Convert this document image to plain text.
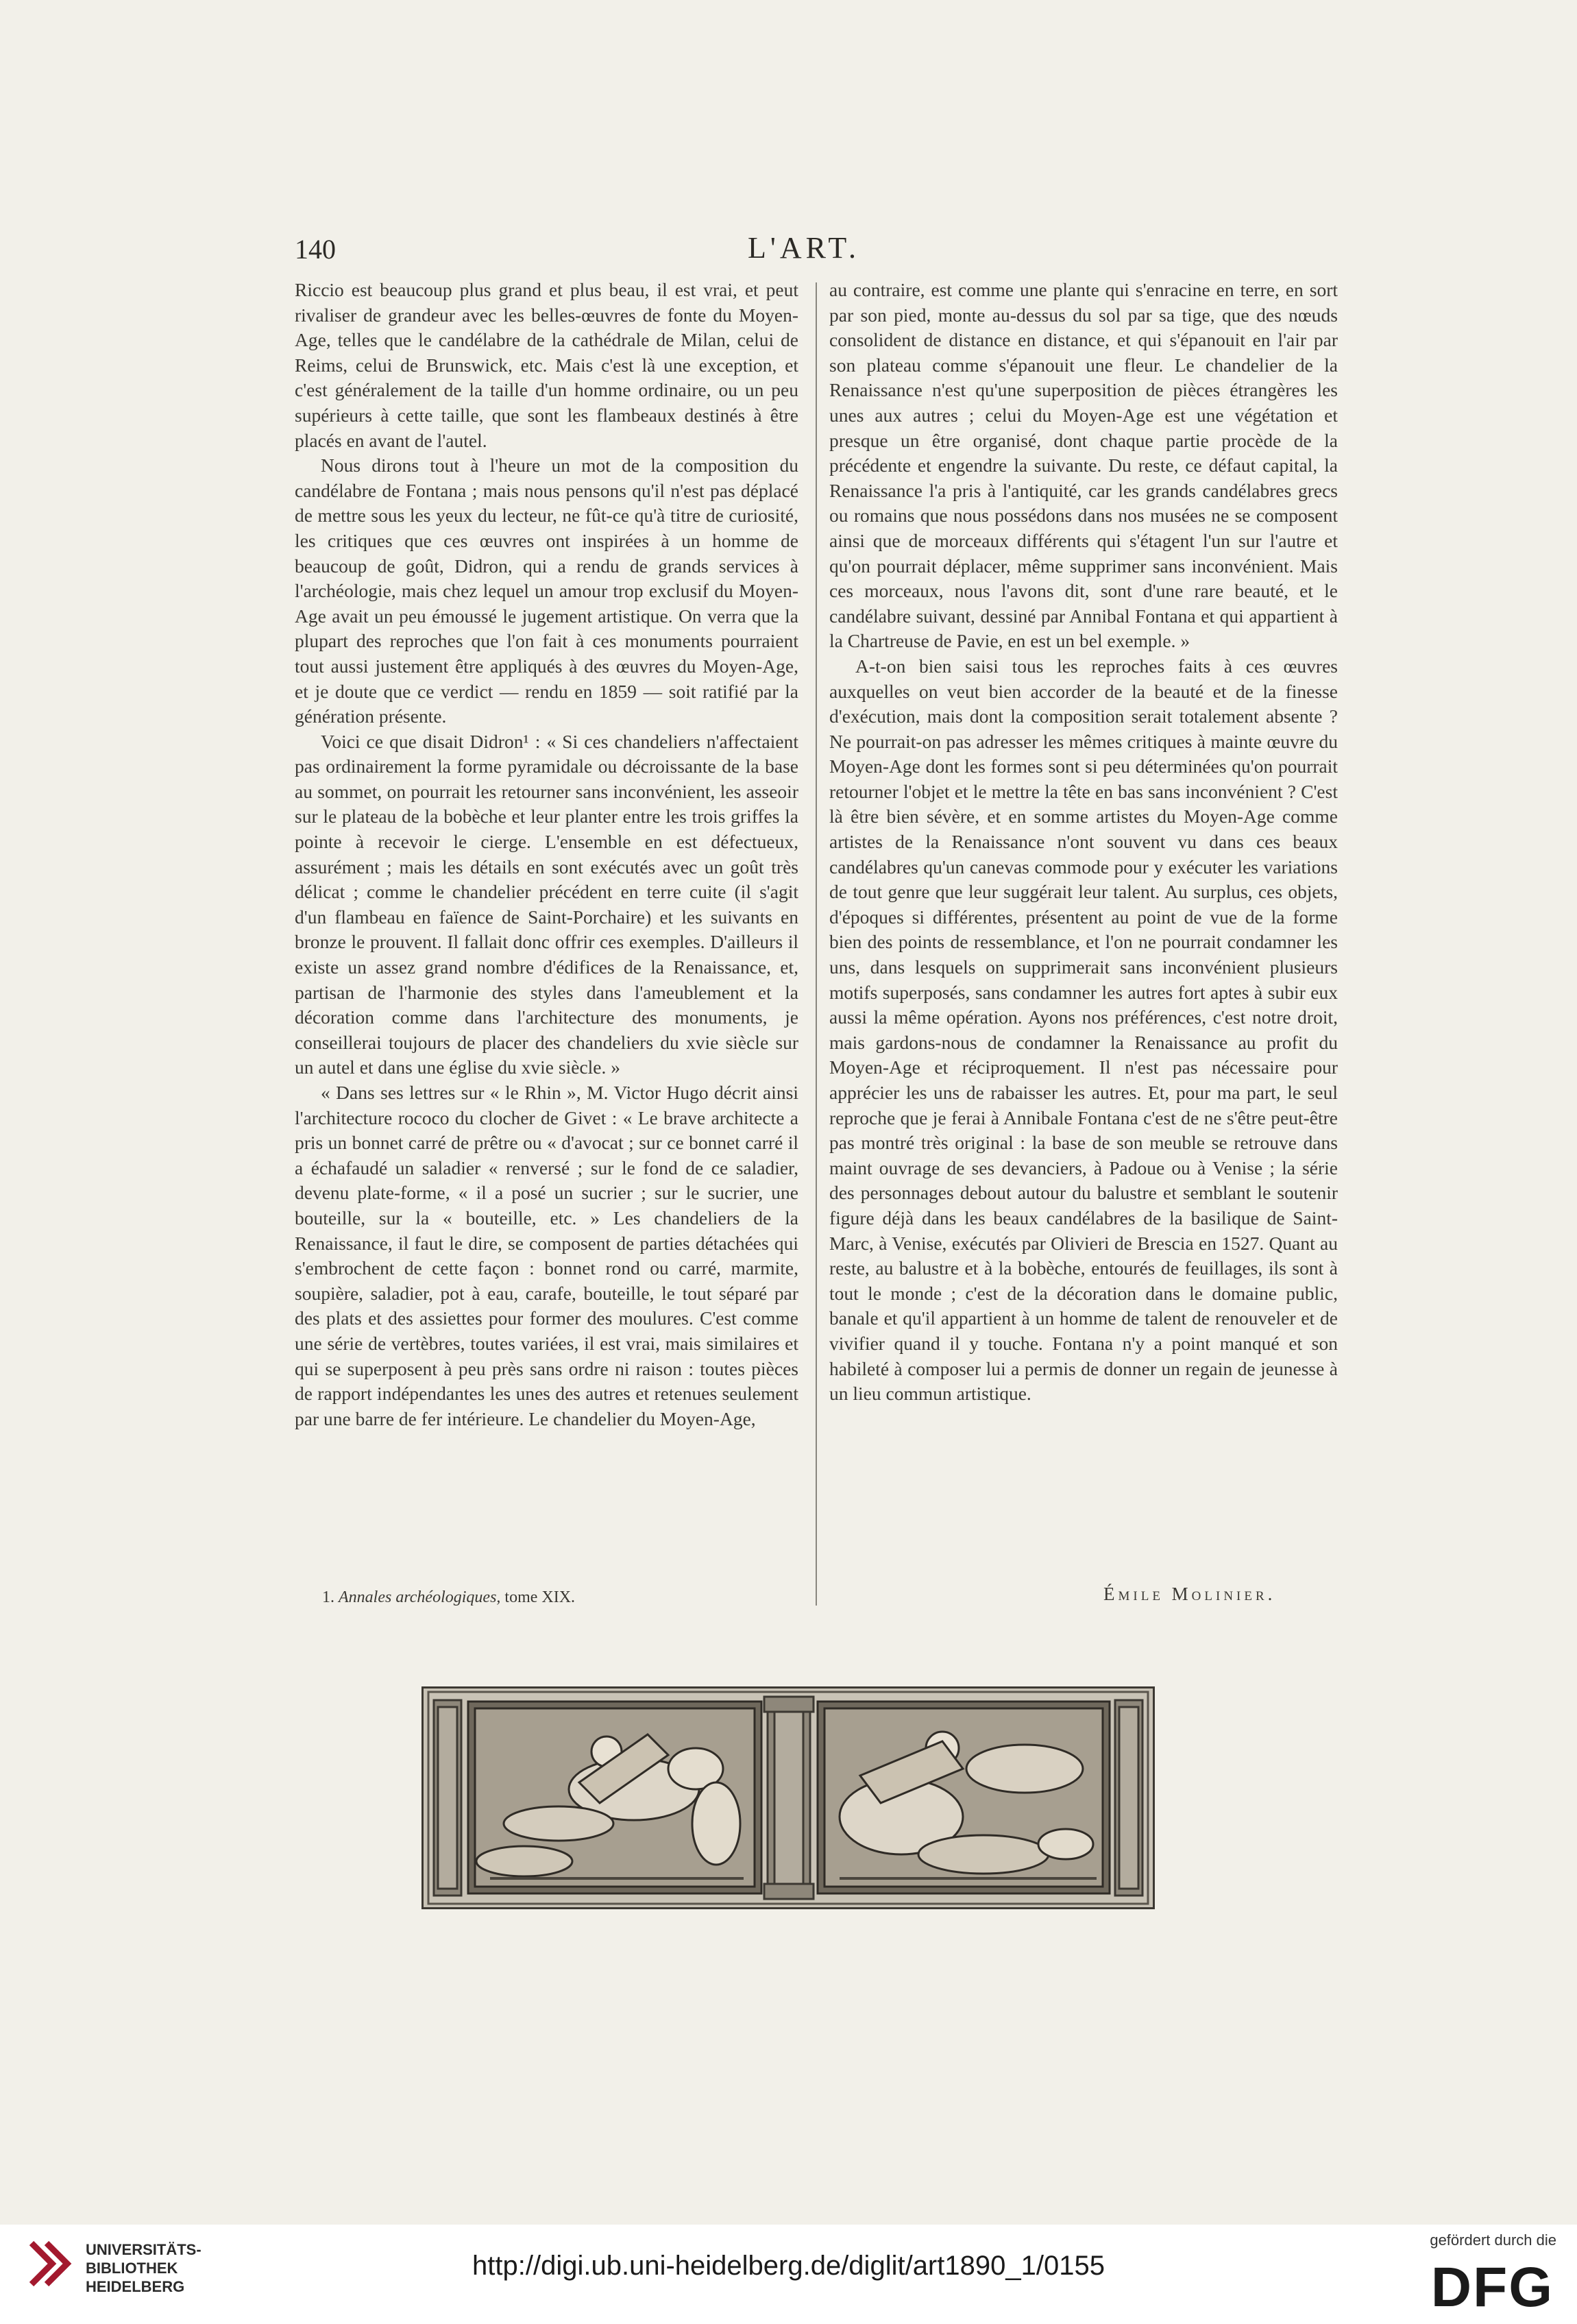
140	L'ART.

Riccio est beaucoup plus grand et plus beau, il est vrai, et peut rivaliser de grandeur avec les belles-œuvres de fonte du Moyen-Age, telles que le candélabre de la cathédrale de Milan, celui de Reims, celui de Brunswick, etc. Mais c'est là une exception, et c'est généralement de la taille d'un homme ordinaire, ou un peu supérieurs à cette taille, que sont les flambeaux destinés à être placés en avant de l'autel.

Nous dirons tout à l'heure un mot de la composition du candélabre de Fontana ; mais nous pensons qu'il n'est pas déplacé de mettre sous les yeux du lecteur, ne fût-ce qu'à titre de curiosité, les critiques que ces œuvres ont inspirées à un homme de beaucoup de goût, Didron, qui a rendu de grands services à l'archéologie, mais chez lequel un amour trop exclusif du Moyen-Age avait un peu émoussé le jugement artistique. On verra que la plupart des reproches que l'on fait à ces monuments pourraient tout aussi justement être appliqués à des œuvres du Moyen-Age, et je doute que ce verdict — rendu en 1859 — soit ratifié par la génération présente.

Voici ce que disait Didron¹ : « Si ces chandeliers n'affectaient pas ordinairement la forme pyramidale ou décroissante de la base au sommet, on pourrait les retourner sans inconvénient, les asseoir sur le plateau de la bobèche et leur planter entre les trois griffes la pointe à recevoir le cierge. L'ensemble en est défectueux, assurément ; mais les détails en sont exécutés avec un goût très délicat ; comme le chandelier précédent en terre cuite (il s'agit d'un flambeau en faïence de Saint-Porchaire) et les suivants en bronze le prouvent. Il fallait donc offrir ces exemples. D'ailleurs il existe un assez grand nombre d'édifices de la Renaissance, et, partisan de l'harmonie des styles dans l'ameublement et la décoration comme dans l'architecture des monuments, je conseillerai toujours de placer des chandeliers du xvie siècle sur un autel et dans une église du xvie siècle. »

« Dans ses lettres sur « le Rhin », M. Victor Hugo décrit ainsi l'architecture rococo du clocher de Givet : « Le brave architecte a pris un bonnet carré de prêtre ou « d'avocat ; sur ce bonnet carré il a échafaudé un saladier « renversé ; sur le fond de ce saladier, devenu plate-forme, « il a posé un sucrier ; sur le sucrier, une bouteille, sur la « bouteille, etc. » Les chandeliers de la Renaissance, il faut le dire, se composent de parties détachées qui s'embrochent de cette façon : bonnet rond ou carré, marmite, soupière, saladier, pot à eau, carafe, bouteille, le tout séparé par des plats et des assiettes pour former des moulures. C'est comme une série de vertèbres, toutes variées, il est vrai, mais similaires et qui se superposent à peu près sans ordre ni raison : toutes pièces de rapport indépendantes les unes des autres et retenues seulement par une barre de fer intérieure. Le chandelier du Moyen-Age,

au contraire, est comme une plante qui s'enracine en terre, en sort par son pied, monte au-dessus du sol par sa tige, que des nœuds consolident de distance en distance, et qui s'épanouit en l'air par son plateau comme s'épanouit une fleur. Le chandelier de la Renaissance n'est qu'une superposition de pièces étrangères les unes aux autres ; celui du Moyen-Age est une végétation et presque un être organisé, dont chaque partie procède de la précédente et engendre la suivante. Du reste, ce défaut capital, la Renaissance l'a pris à l'antiquité, car les grands candélabres grecs ou romains que nous possédons dans nos musées ne se composent ainsi que de morceaux différents qui s'étagent l'un sur l'autre et qu'on pourrait déplacer, même supprimer sans inconvénient. Mais ces morceaux, nous l'avons dit, sont d'une rare beauté, et le candélabre suivant, dessiné par Annibal Fontana et qui appartient à la Chartreuse de Pavie, en est un bel exemple. »

A-t-on bien saisi tous les reproches faits à ces œuvres auxquelles on veut bien accorder de la beauté et de la finesse d'exécution, mais dont la composition serait totalement absente ? Ne pourrait-on pas adresser les mêmes critiques à mainte œuvre du Moyen-Age dont les formes sont si peu déterminées qu'on pourrait retourner l'objet et le mettre la tête en bas sans inconvénient ? C'est là être bien sévère, et en somme artistes du Moyen-Age comme artistes de la Renaissance n'ont souvent vu dans ces beaux candélabres qu'un canevas commode pour y exécuter les variations de tout genre que leur suggérait leur talent. Au surplus, ces objets, d'époques si différentes, présentent au point de vue de la forme bien des points de ressemblance, et l'on ne pourrait condamner les uns, dans lesquels on supprimerait sans inconvénient plusieurs motifs superposés, sans condamner les autres fort aptes à subir eux aussi la même opération. Ayons nos préférences, c'est notre droit, mais gardons-nous de condamner la Renaissance au profit du Moyen-Age et réciproquement. Il n'est pas nécessaire pour apprécier les uns de rabaisser les autres. Et, pour ma part, le seul reproche que je ferai à Annibale Fontana c'est de ne s'être peut-être pas montré très original : la base de son meuble se retrouve dans maint ouvrage de ses devanciers, à Padoue ou à Venise ; la série des personnages debout autour du balustre et semblant le soutenir figure déjà dans les beaux candélabres de la basilique de Saint-Marc, à Venise, exécutés par Olivieri de Brescia en 1527. Quant au reste, au balustre et à la bobèche, entourés de feuillages, ils sont à tout le monde ; c'est de la décoration dans le domaine public, banale et qu'il appartient à un homme de talent de renouveler et de vivifier quand il y touche. Fontana n'y a point manqué et son habileté à composer lui a permis de donner un regain de jeunesse à un lieu commun artistique.

1. Annales archéologiques, tome XIX.	Émile Molinier.
UNIVERSITÄTS-
BIBLIOTHEK
HEIDELBERG
http://digi.ub.uni-heidelberg.de/diglit/art1890_1/0155
gefördert durch die
DFG
